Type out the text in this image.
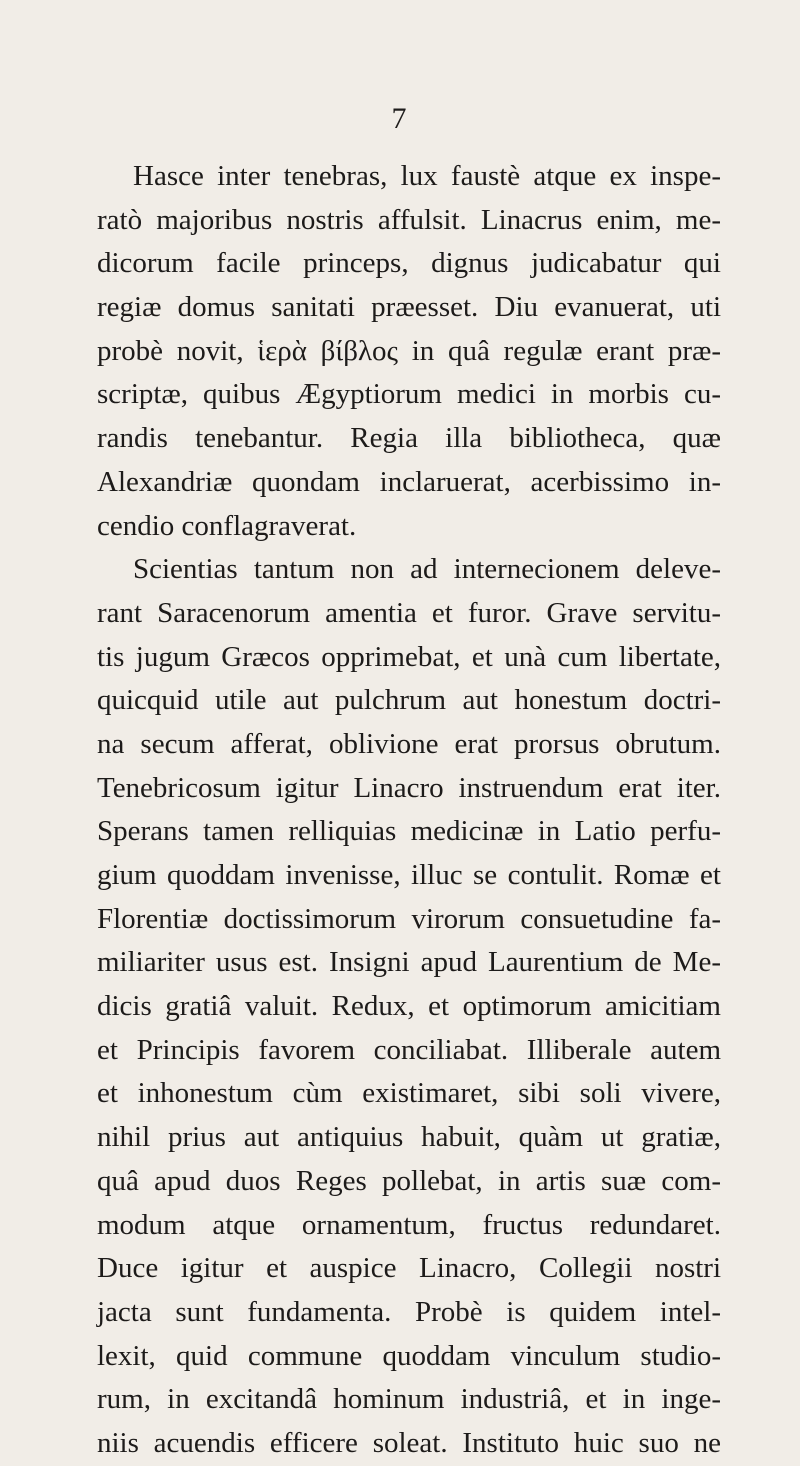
7
Hasce inter tenebras, lux faustè atque ex inspe-
ratò majoribus nostris affulsit. Linacrus enim, me-
dicorum facile princeps, dignus judicabatur qui
regiæ domus sanitati præesset. Diu evanuerat, uti
probè novit, ἱερὰ βίβλος in quâ regulæ erant præ-
scriptæ, quibus Ægyptiorum medici in morbis cu-
randis tenebantur. Regia illa bibliotheca, quæ
Alexandriæ quondam inclaruerat, acerbissimo in-
cendio conflagraverat.
Scientias tantum non ad internecionem deleve-
rant Saracenorum amentia et furor. Grave servitu-
tis jugum Græcos opprimebat, et unà cum libertate,
quicquid utile aut pulchrum aut honestum doctri-
na secum afferat, oblivione erat prorsus obrutum.
Tenebricosum igitur Linacro instruendum erat iter.
Sperans tamen relliquias medicinæ in Latio perfu-
gium quoddam invenisse, illuc se contulit. Romæ et
Florentiæ doctissimorum virorum consuetudine fa-
miliariter usus est. Insigni apud Laurentium de Me-
dicis gratiâ valuit. Redux, et optimorum amicitiam
et Principis favorem conciliabat. Illiberale autem
et inhonestum cùm existimaret, sibi soli vivere,
nihil prius aut antiquius habuit, quàm ut gratiæ,
quâ apud duos Reges pollebat, in artis suæ com-
modum atque ornamentum, fructus redundaret.
Duce igitur et auspice Linacro, Collegii nostri
jacta sunt fundamenta. Probè is quidem intel-
lexit, quid commune quoddam vinculum studio-
rum, in excitandâ hominum industriâ, et in inge-
niis acuendis efficere soleat. Instituto huic suo ne
